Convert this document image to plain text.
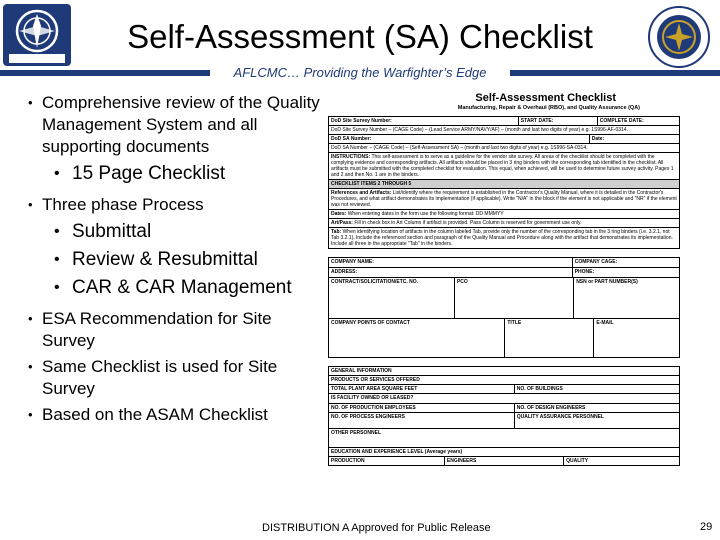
Self-Assessment (SA) Checklist
AFLCMC… Providing the Warfighter’s Edge
• Comprehensive review of the Quality Management System and all supporting documents
• 15 Page Checklist
• Three phase Process
• Submittal
• Review & Resubmittal
• CAR & CAR Management
• ESA Recommendation for Site Survey
• Same Checklist is used for Site Survey
• Based on the ASAM Checklist
Self-Assessment Checklist
Manufacturing, Repair & Overhaul (RBO), and Quality Assurance (QA)
DoD Site Survey Number:	START DATE:	COMPLETE DATE:
DoD Site Survey Number – (CAGE Code) – (Lead Service ARMY/NAVY/AF) – (month and last two digits of year) e.g. 1S996-AF-0314.
DoD SA Number:	Date:
DoD SA Number – (CAGE Code) – (Self-Assessment SA) – (month and last two digits of year) e.g. 1S996-SA-0314.
INSTRUCTIONS: This self-assessment is to serve as a guideline for the vendor site survey. All areas of the checklist should be completed with the complying evidence and corresponding artifacts. All artifacts should be placed in 3 ring binders with the corresponding tab identified in the checklist. All artifacts must be submitted with the completed checklist for evaluation. This equal, when achieved, will be used to determine future survey activity. Pages 1 and 2 and then No. 1 are in the binders.
CHECKLIST ITEMS 2 THROUGH 5
References and Artifacts: List/identify where the requirement is established in the Contractor's Quality Manual, where it is detailed in the Contractor's Procedures, and what artifact demonstrates its implementation (if applicable). Write "N/A" in the block if the element is not applicable and "NR" if the element was not reviewed.
Dates: When entering dates in the form use the following format: DD MMMYY
Art/Pass: Fill in check box in Art Column if artifact is provided. Pass Column is reserved for government use only.
Tab: When identifying location of artifacts in the column labeled Tab, provide only the number of the corresponding tab in the 3 ring binders (i.e. 3.2.1, not Tab 3.2.1). Include the referenced section and paragraph of the Quality Manual and Procedure along with the artifact that demonstrates its implementation. Include all three in the appropriate "Tab" in the binders.
COMPANY NAME:	COMPANY CAGE:
ADDRESS:	PHONE:
CONTRACT/SOLICITATION/ETC. NO.	PCO	NSN or PART NUMBER(S)
COMPANY POINTS OF CONTACT	TITLE	E-MAIL
GENERAL INFORMATION
PRODUCTS OR SERVICES OFFERED
TOTAL PLANT AREA SQUARE FEET	NO. OF BUILDINGS
IS FACILITY OWNED OR LEASED?
NO. OF PRODUCTION EMPLOYEES	NO. OF DESIGN ENGINEERS
NO. OF PROCESS ENGINEERS	QUALITY ASSURANCE PERSONNEL
OTHER PERSONNEL
EDUCATION AND EXPERIENCE LEVEL (Average years)
PRODUCTION	ENGINEERS	QUALITY
DISTRIBUTION A Approved for Public Release	29
